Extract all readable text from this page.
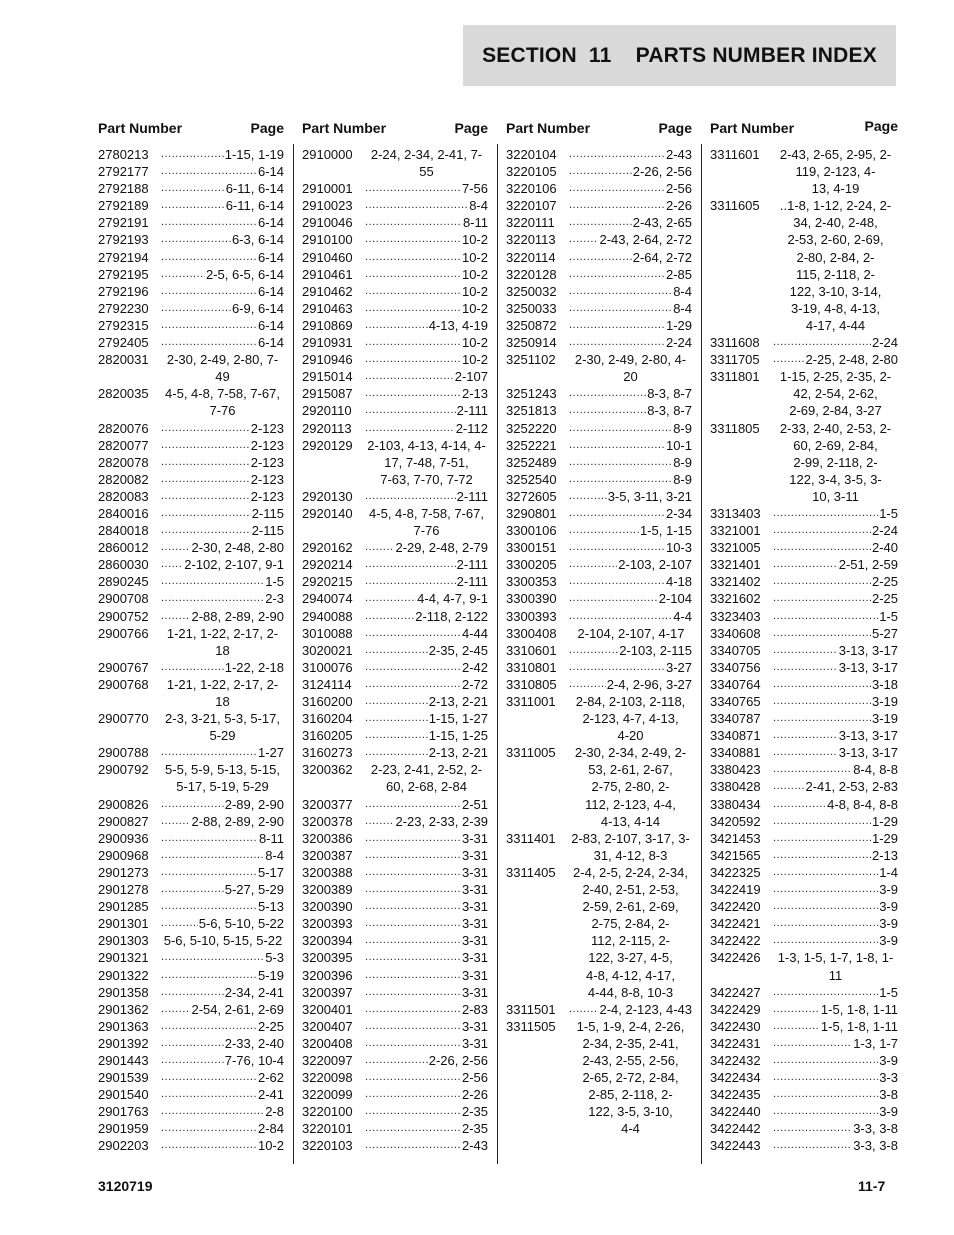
SECTION 11 PARTS NUMBER INDEX
Part Number	Page
2780213 .....	1-15, 1-19
2792177 .....	6-14
2792188 .....	6-11, 6-14
2792189 .....	6-11, 6-14
2792191 .....	6-14
2792193 .....	6-3, 6-14
2792194 .....	6-14
2792195 .....	2-5, 6-5, 6-14
2792196 .....	6-14
2792230 .....	6-9, 6-14
2792315 .....	6-14
2792405 .....	6-14
2820031	2-30, 2-49, 2-80, 7-
49
2820035	4-5, 4-8, 7-58, 7-67,
7-76
2820076 .....	2-123
2820077 .....	2-123
2820078 .....	2-123
2820082 .....	2-123
2820083 .....	2-123
2840016 .....	2-115
2840018 .....	2-115
2860012 .....	2-30, 2-48, 2-80
2860030 .....	2-102, 2-107, 9-1
2890245 .....	1-5
2900708 .....	2-3
2900752 .....	2-88, 2-89, 2-90
2900766	1-21, 1-22, 2-17, 2-
18
2900767 .....	1-22, 2-18
2900768	1-21, 1-22, 2-17, 2-
18
2900770	2-3, 3-21, 5-3, 5-17,
5-29
2900788 .....	1-27
2900792	5-5, 5-9, 5-13, 5-15,
5-17, 5-19, 5-29
2900826 .....	2-89, 2-90
2900827 .....	2-88, 2-89, 2-90
2900936 .....	8-11
2900968 .....	8-4
2901273 .....	5-17
2901278 .....	5-27, 5-29
2901285 .....	5-13
2901301 .....	5-6, 5-10, 5-22
2901303	5-6, 5-10, 5-15, 5-22
2901321 .....	5-3
2901322 .....	5-19
2901358 .....	2-34, 2-41
2901362 .....	2-54, 2-61, 2-69
2901363 .....	2-25
2901392 .....	2-33, 2-40
2901443 .....	7-76, 10-4
2901539 .....	2-62
2901540 .....	2-41
2901763 .....	2-8
2901959 .....	2-84
2902203 .....	10-2
Part Number	Page
2910000	2-24, 2-34, 2-41, 7-
55
2910001 .....	7-56
2910023 .....	8-4
2910046 .....	8-11
2910100 .....	10-2
2910460 .....	10-2
2910461 .....	10-2
2910462 .....	10-2
2910463 .....	10-2
2910869 .....	4-13, 4-19
2910931 .....	10-2
2910946 .....	10-2
2915014 .....	2-107
2915087 .....	2-13
2920110 .....	2-111
2920113 .....	2-112
2920129	2-103, 4-13, 4-14, 4-
17, 7-48, 7-51,
7-63, 7-70, 7-72
2920130 .....	2-111
2920140	4-5, 4-8, 7-58, 7-67,
7-76
2920162 .....	2-29, 2-48, 2-79
2920214 .....	2-111
2920215 .....	2-111
2940074 .....	4-4, 4-7, 9-1
2940088 .....	2-118, 2-122
3010088 .....	4-44
3020021 .....	2-35, 2-45
3100076 .....	2-42
3124114 .....	2-72
3160200 .....	2-13, 2-21
3160204 .....	1-15, 1-27
3160205 .....	1-15, 1-25
3160273 .....	2-13, 2-21
3200362	2-23, 2-41, 2-52, 2-
60, 2-68, 2-84
3200377 .....	2-51
3200378 .....	2-23, 2-33, 2-39
3200386 .....	3-31
3200387 .....	3-31
3200388 .....	3-31
3200389 .....	3-31
3200390 .....	3-31
3200393 .....	3-31
3200394 .....	3-31
3200395 .....	3-31
3200396 .....	3-31
3200397 .....	3-31
3200401 .....	2-83
3200407 .....	3-31
3200408 .....	3-31
3220097 .....	2-26, 2-56
3220098 .....	2-56
3220099 .....	2-26
3220100 .....	2-35
3220101 .....	2-35
3220103 .....	2-43
Part Number	Page
3220104 .....	2-43
3220105 .....	2-26, 2-56
3220106 .....	2-56
3220107 .....	2-26
3220111 .....	2-43, 2-65
3220113 .....	2-43, 2-64, 2-72
3220114 .....	2-64, 2-72
3220128 .....	2-85
3250032 .....	8-4
3250033 .....	8-4
3250872 .....	1-29
3250914 .....	2-24
3251102	2-30, 2-49, 2-80, 4-
20
3251243 .....	8-3, 8-7
3251813 .....	8-3, 8-7
3252220 .....	8-9
3252221 .....	10-1
3252489 .....	8-9
3252540 .....	8-9
3272605 .....	3-5, 3-11, 3-21
3290801 .....	2-34
3300106 .....	1-5, 1-15
3300151 .....	10-3
3300205 .....	2-103, 2-107
3300353 .....	4-18
3300390 .....	2-104
3300393 .....	4-4
3300408	2-104, 2-107, 4-17
3310601 .....	2-103, 2-115
3310801 .....	3-27
3310805 .....	2-4, 2-96, 3-27
3311001	2-84, 2-103, 2-118,
2-123, 4-7, 4-13,
4-20
3311005	2-30, 2-34, 2-49, 2-
53, 2-61, 2-67,
2-75, 2-80, 2-
112, 2-123, 4-4,
4-13, 4-14
3311401	2-83, 2-107, 3-17, 3-
31, 4-12, 8-3
3311405	2-4, 2-5, 2-24, 2-34,
2-40, 2-51, 2-53,
2-59, 2-61, 2-69,
2-75, 2-84, 2-
112, 2-115, 2-
122, 3-27, 4-5,
4-8, 4-12, 4-17,
4-44, 8-8, 10-3
3311501 .....	2-4, 2-123, 4-43
3311505	1-5, 1-9, 2-4, 2-26,
2-34, 2-35, 2-41,
2-43, 2-55, 2-56,
2-65, 2-72, 2-84,
2-85, 2-118, 2-
122, 3-5, 3-10,
4-4
Part Number	Page
3311601	2-43, 2-65, 2-95, 2-
119, 2-123, 4-
13, 4-19
3311605	..1-8, 1-12, 2-24, 2-
34, 2-40, 2-48,
2-53, 2-60, 2-69,
2-80, 2-84, 2-
115, 2-118, 2-
122, 3-10, 3-14,
3-19, 4-8, 4-13,
4-17, 4-44
3311608 .....	2-24
3311705 .....	2-25, 2-48, 2-80
3311801	1-15, 2-25, 2-35, 2-
42, 2-54, 2-62,
2-69, 2-84, 3-27
3311805	2-33, 2-40, 2-53, 2-
60, 2-69, 2-84,
2-99, 2-118, 2-
122, 3-4, 3-5, 3-
10, 3-11
3313403 .....	1-5
3321001 .....	2-24
3321005 .....	2-40
3321401 .....	2-51, 2-59
3321402 .....	2-25
3321602 .....	2-25
3323403 .....	1-5
3340608 .....	5-27
3340705 .....	3-13, 3-17
3340756 .....	3-13, 3-17
3340764 .....	3-18
3340765 .....	3-19
3340787 .....	3-19
3340871 .....	3-13, 3-17
3340881 .....	3-13, 3-17
3380423 .....	8-4, 8-8
3380428 .....	2-41, 2-53, 2-83
3380434 .....	4-8, 8-4, 8-8
3420592 .....	1-29
3421453 .....	1-29
3421565 .....	2-13
3422325 .....	1-4
3422419 .....	3-9
3422420 .....	3-9
3422421 .....	3-9
3422422 .....	3-9
3422426	1-3, 1-5, 1-7, 1-8, 1-
11
3422427 .....	1-5
3422429 .....	1-5, 1-8, 1-11
3422430 .....	1-5, 1-8, 1-11
3422431 .....	1-3, 1-7
3422432 .....	3-9
3422434 .....	3-3
3422435 .....	3-8
3422440 .....	3-9
3422442 .....	3-3, 3-8
3422443 .....	3-3, 3-8
3120719	11-7
